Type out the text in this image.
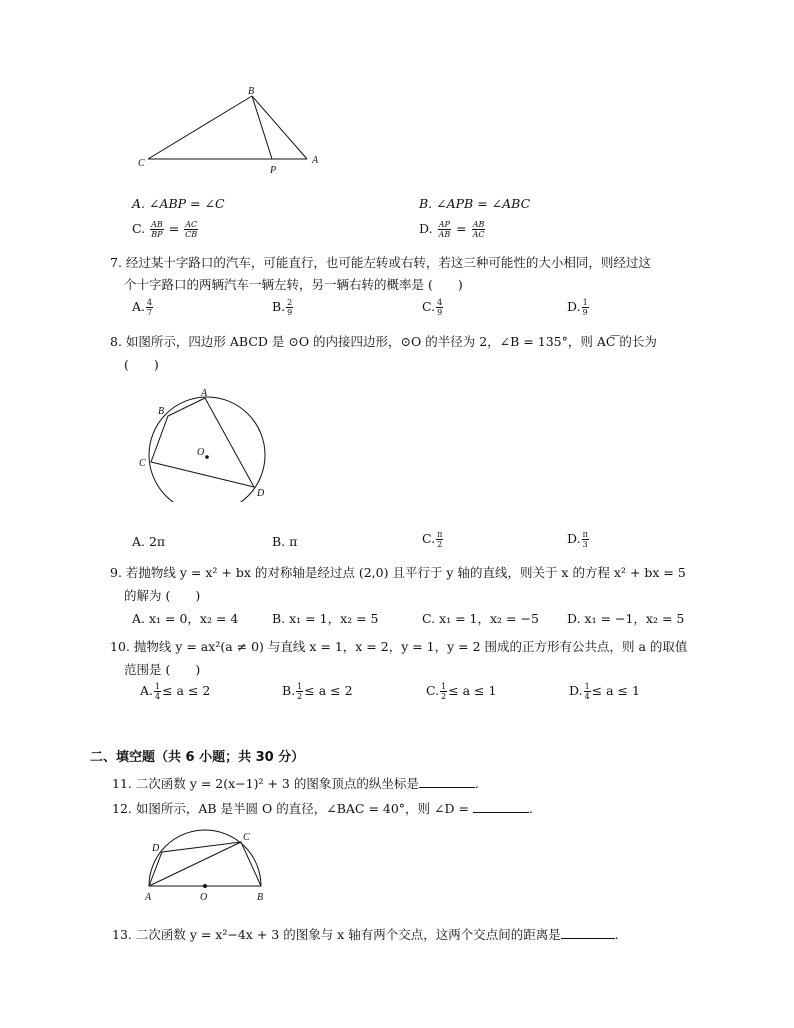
B
C
P
A
A. ∠ABP = ∠C	B. ∠APB = ∠ABC
C. $\frac{AB}{BP} = \frac{AC}{CB}$	D. $\frac{AP}{AB} = \frac{AB}{AC}$
7. 经过某十字路口的汽车，可能直行，也可能左转或右转，若这三种可能性的大小相同，则经过这
个十字路口的两辆汽车一辆左转，另一辆右转的概率是 (　　)
A. $\frac{4}{7}$	B. $\frac{2}{9}$	C. $\frac{4}{9}$	D. $\frac{1}{9}$
8. 如图所示，四边形 ABCD 是 ⊙O 的内接四边形，⊙O 的半径为 2，∠B = 135°，则 AC͡ 的长为
(　　)
A
B
C
D
O
A. 2π	B. π	C. $\frac{\pi}{2}$	D. $\frac{\pi}{3}$
9. 若抛物线 y = x² + bx 的对称轴是经过点 (2,0) 且平行于 y 轴的直线，则关于 x 的方程 x² + bx = 5
的解为 (　　)
A. x₁ = 0，x₂ = 4	B. x₁ = 1，x₂ = 5	C. x₁ = 1，x₂ = −5 D. x₁ = −1，x₂ = 5
10. 抛物线 y = ax²(a ≠ 0) 与直线 x = 1，x = 2，y = 1，y = 2 围成的正方形有公共点，则 a 的取值
范围是 (　　)
A. $\frac{1}{4} \le a \le 2$	B. $\frac{1}{2} \le a \le 2$	C. $\frac{1}{2} \le a \le 1$	D. $\frac{1}{4} \le a \le 1$
二、填空题（共 6 小题；共 30 分）
11. 二次函数 y = 2(x−1)² + 3 的图象顶点的纵坐标是	.
12. 如图所示，AB 是半圆 O 的直径，∠BAC = 40°，则 ∠D =	.
C
D
A	O	B
13. 二次函数 y = x²−4x + 3 的图象与 x 轴有两个交点，这两个交点间的距离是	.
